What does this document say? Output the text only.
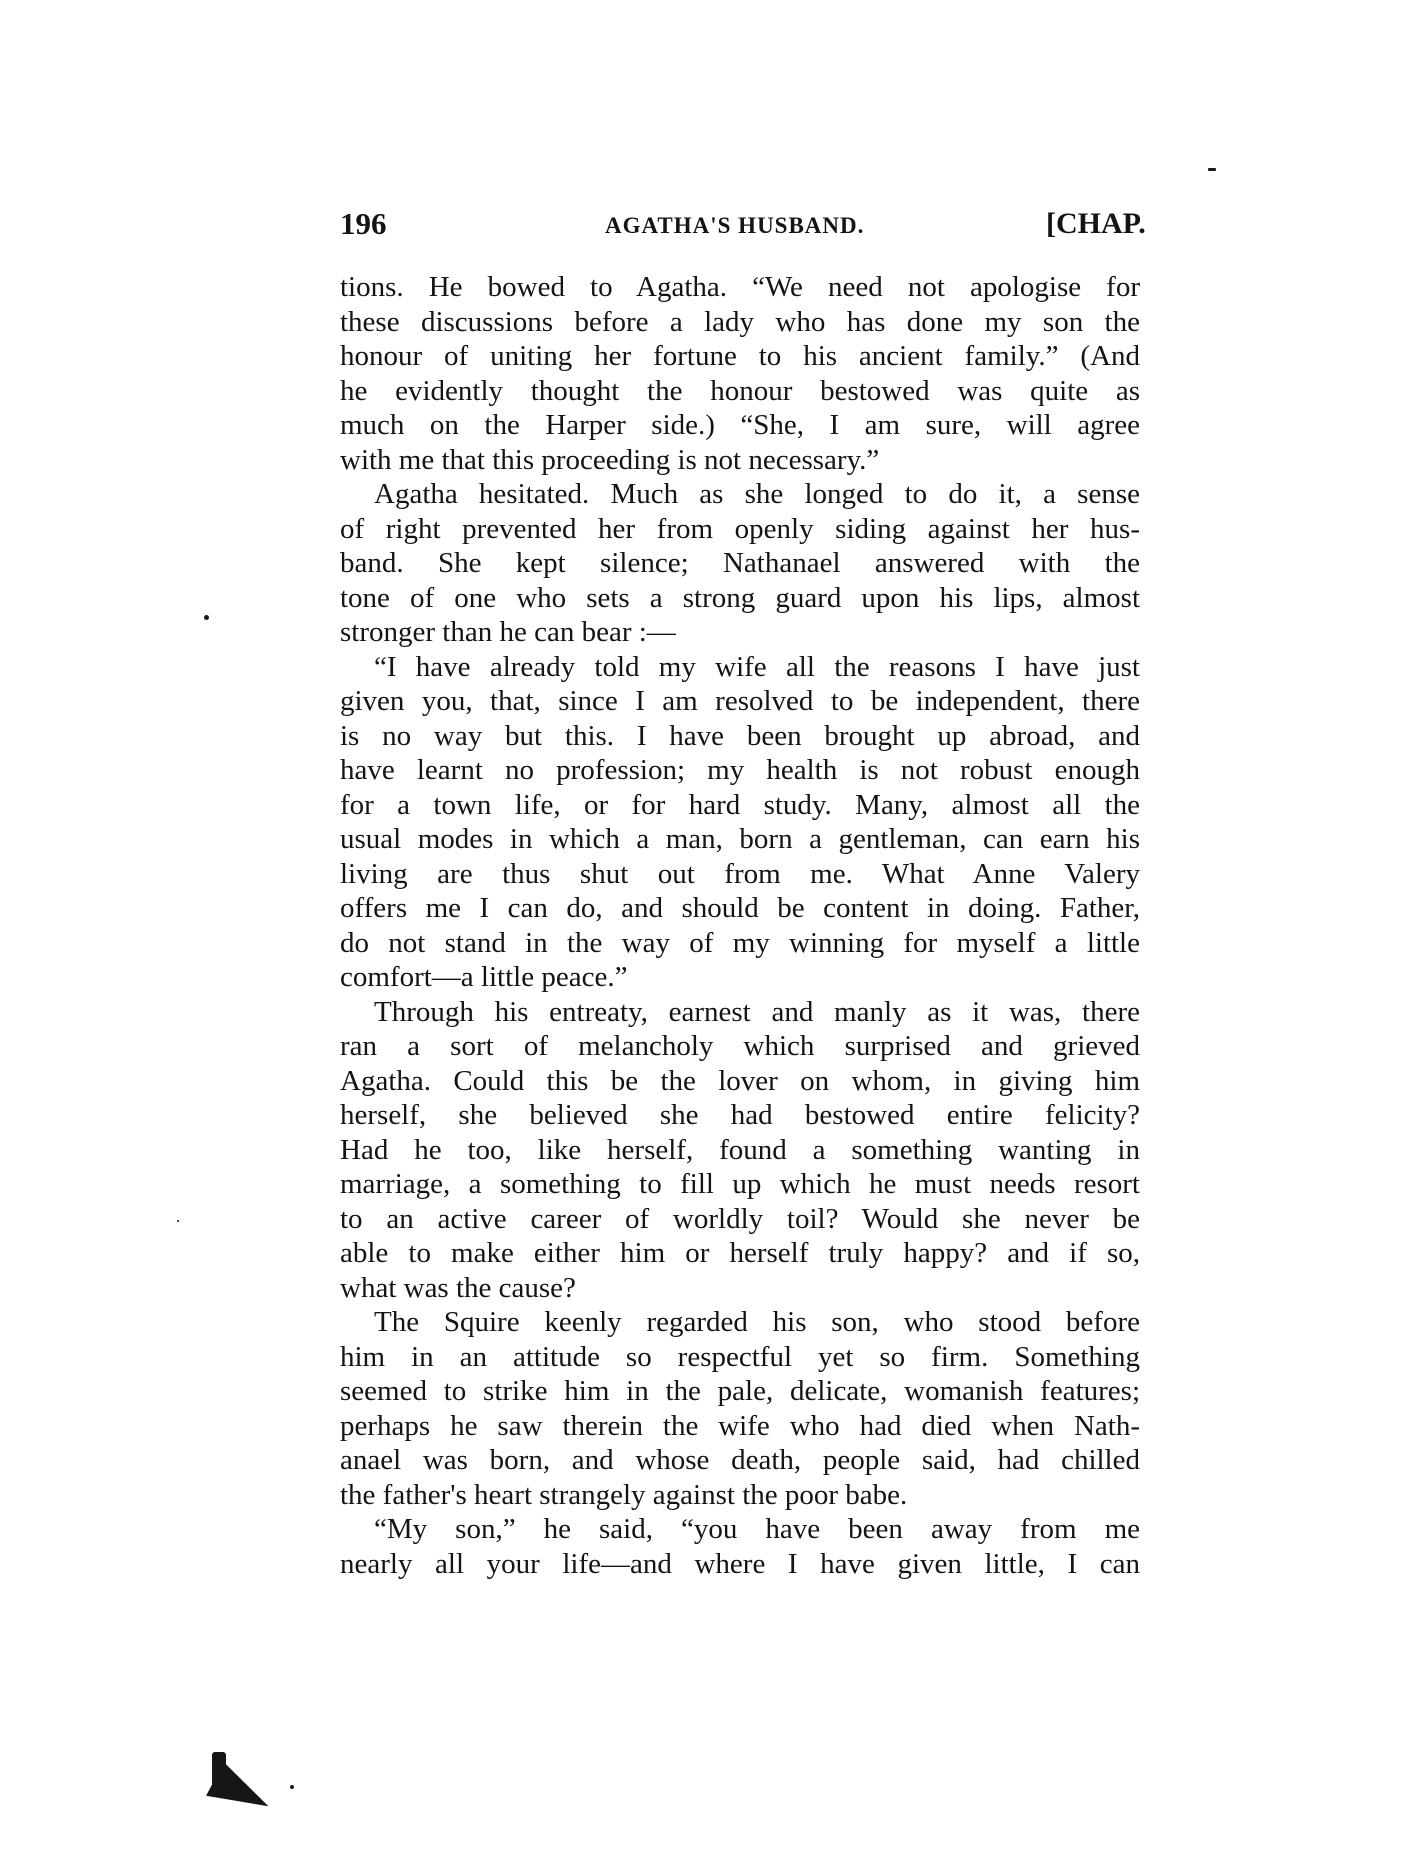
196	AGATHA'S HUSBAND.	[CHAP.
tions. He bowed to Agatha. “We need not apologise for
these discussions before a lady who has done my son the
honour of uniting her fortune to his ancient family.” (And
he evidently thought the honour bestowed was quite as
much on the Harper side.) “She, I am sure, will agree
with me that this proceeding is not necessary.”
Agatha hesitated. Much as she longed to do it, a sense
of right prevented her from openly siding against her hus-
band. She kept silence; Nathanael answered with the
tone of one who sets a strong guard upon his lips, almost
stronger than he can bear :—
“I have already told my wife all the reasons I have just
given you, that, since I am resolved to be independent, there
is no way but this. I have been brought up abroad, and
have learnt no profession; my health is not robust enough
for a town life, or for hard study. Many, almost all the
usual modes in which a man, born a gentleman, can earn his
living are thus shut out from me. What Anne Valery
offers me I can do, and should be content in doing. Father,
do not stand in the way of my winning for myself a little
comfort—a little peace.”
Through his entreaty, earnest and manly as it was, there
ran a sort of melancholy which surprised and grieved
Agatha. Could this be the lover on whom, in giving him
herself, she believed she had bestowed entire felicity?
Had he too, like herself, found a something wanting in
marriage, a something to fill up which he must needs resort
to an active career of worldly toil? Would she never be
able to make either him or herself truly happy? and if so,
what was the cause?
The Squire keenly regarded his son, who stood before
him in an attitude so respectful yet so firm. Something
seemed to strike him in the pale, delicate, womanish features;
perhaps he saw therein the wife who had died when Nath-
anael was born, and whose death, people said, had chilled
the father's heart strangely against the poor babe.
“My son,” he said, “you have been away from me
nearly all your life—and where I have given little, I can
